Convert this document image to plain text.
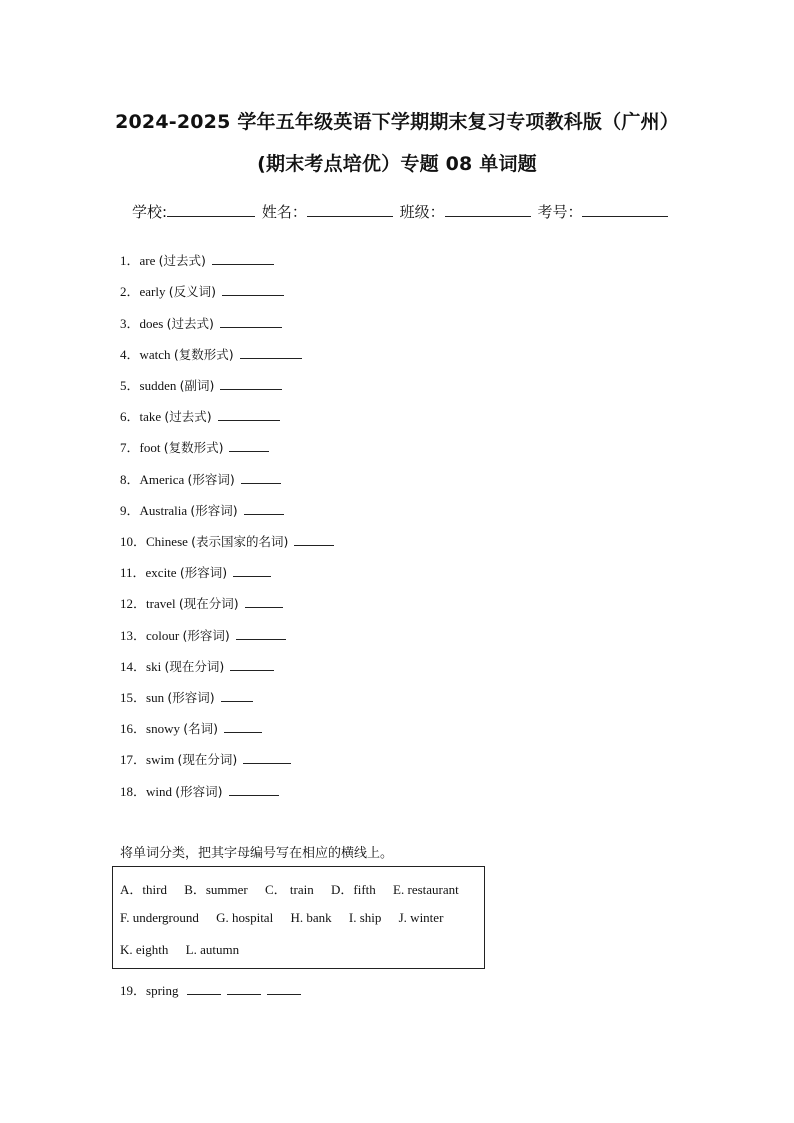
2024-2025 学年五年级英语下学期期末复习专项教科版（广州）
(期末考点培优）专题 08 单词题
学校:	姓名：	班级：	考号：
1．are (过去式)
2．early (反义词)
3．does (过去式)
4．watch (复数形式)
5．sudden (副词)
6．take (过去式)
7．foot (复数形式)
8．America (形容词)
9．Australia (形容词)
10．Chinese (表示国家的名词)
11．excite (形容词)
12．travel (现在分词)
13．colour (形容词)
14．ski (现在分词)
15．sun (形容词)
16．snowy (名词)
17．swim (现在分词)
18．wind (形容词)
将单词分类，把其字母编号写在相应的横线上。
A．third B．summer C． train D．fifth E. restaurant
F. underground G. hospital H. bank I. ship J. winter
K. eighth L. autumn
19．spring
